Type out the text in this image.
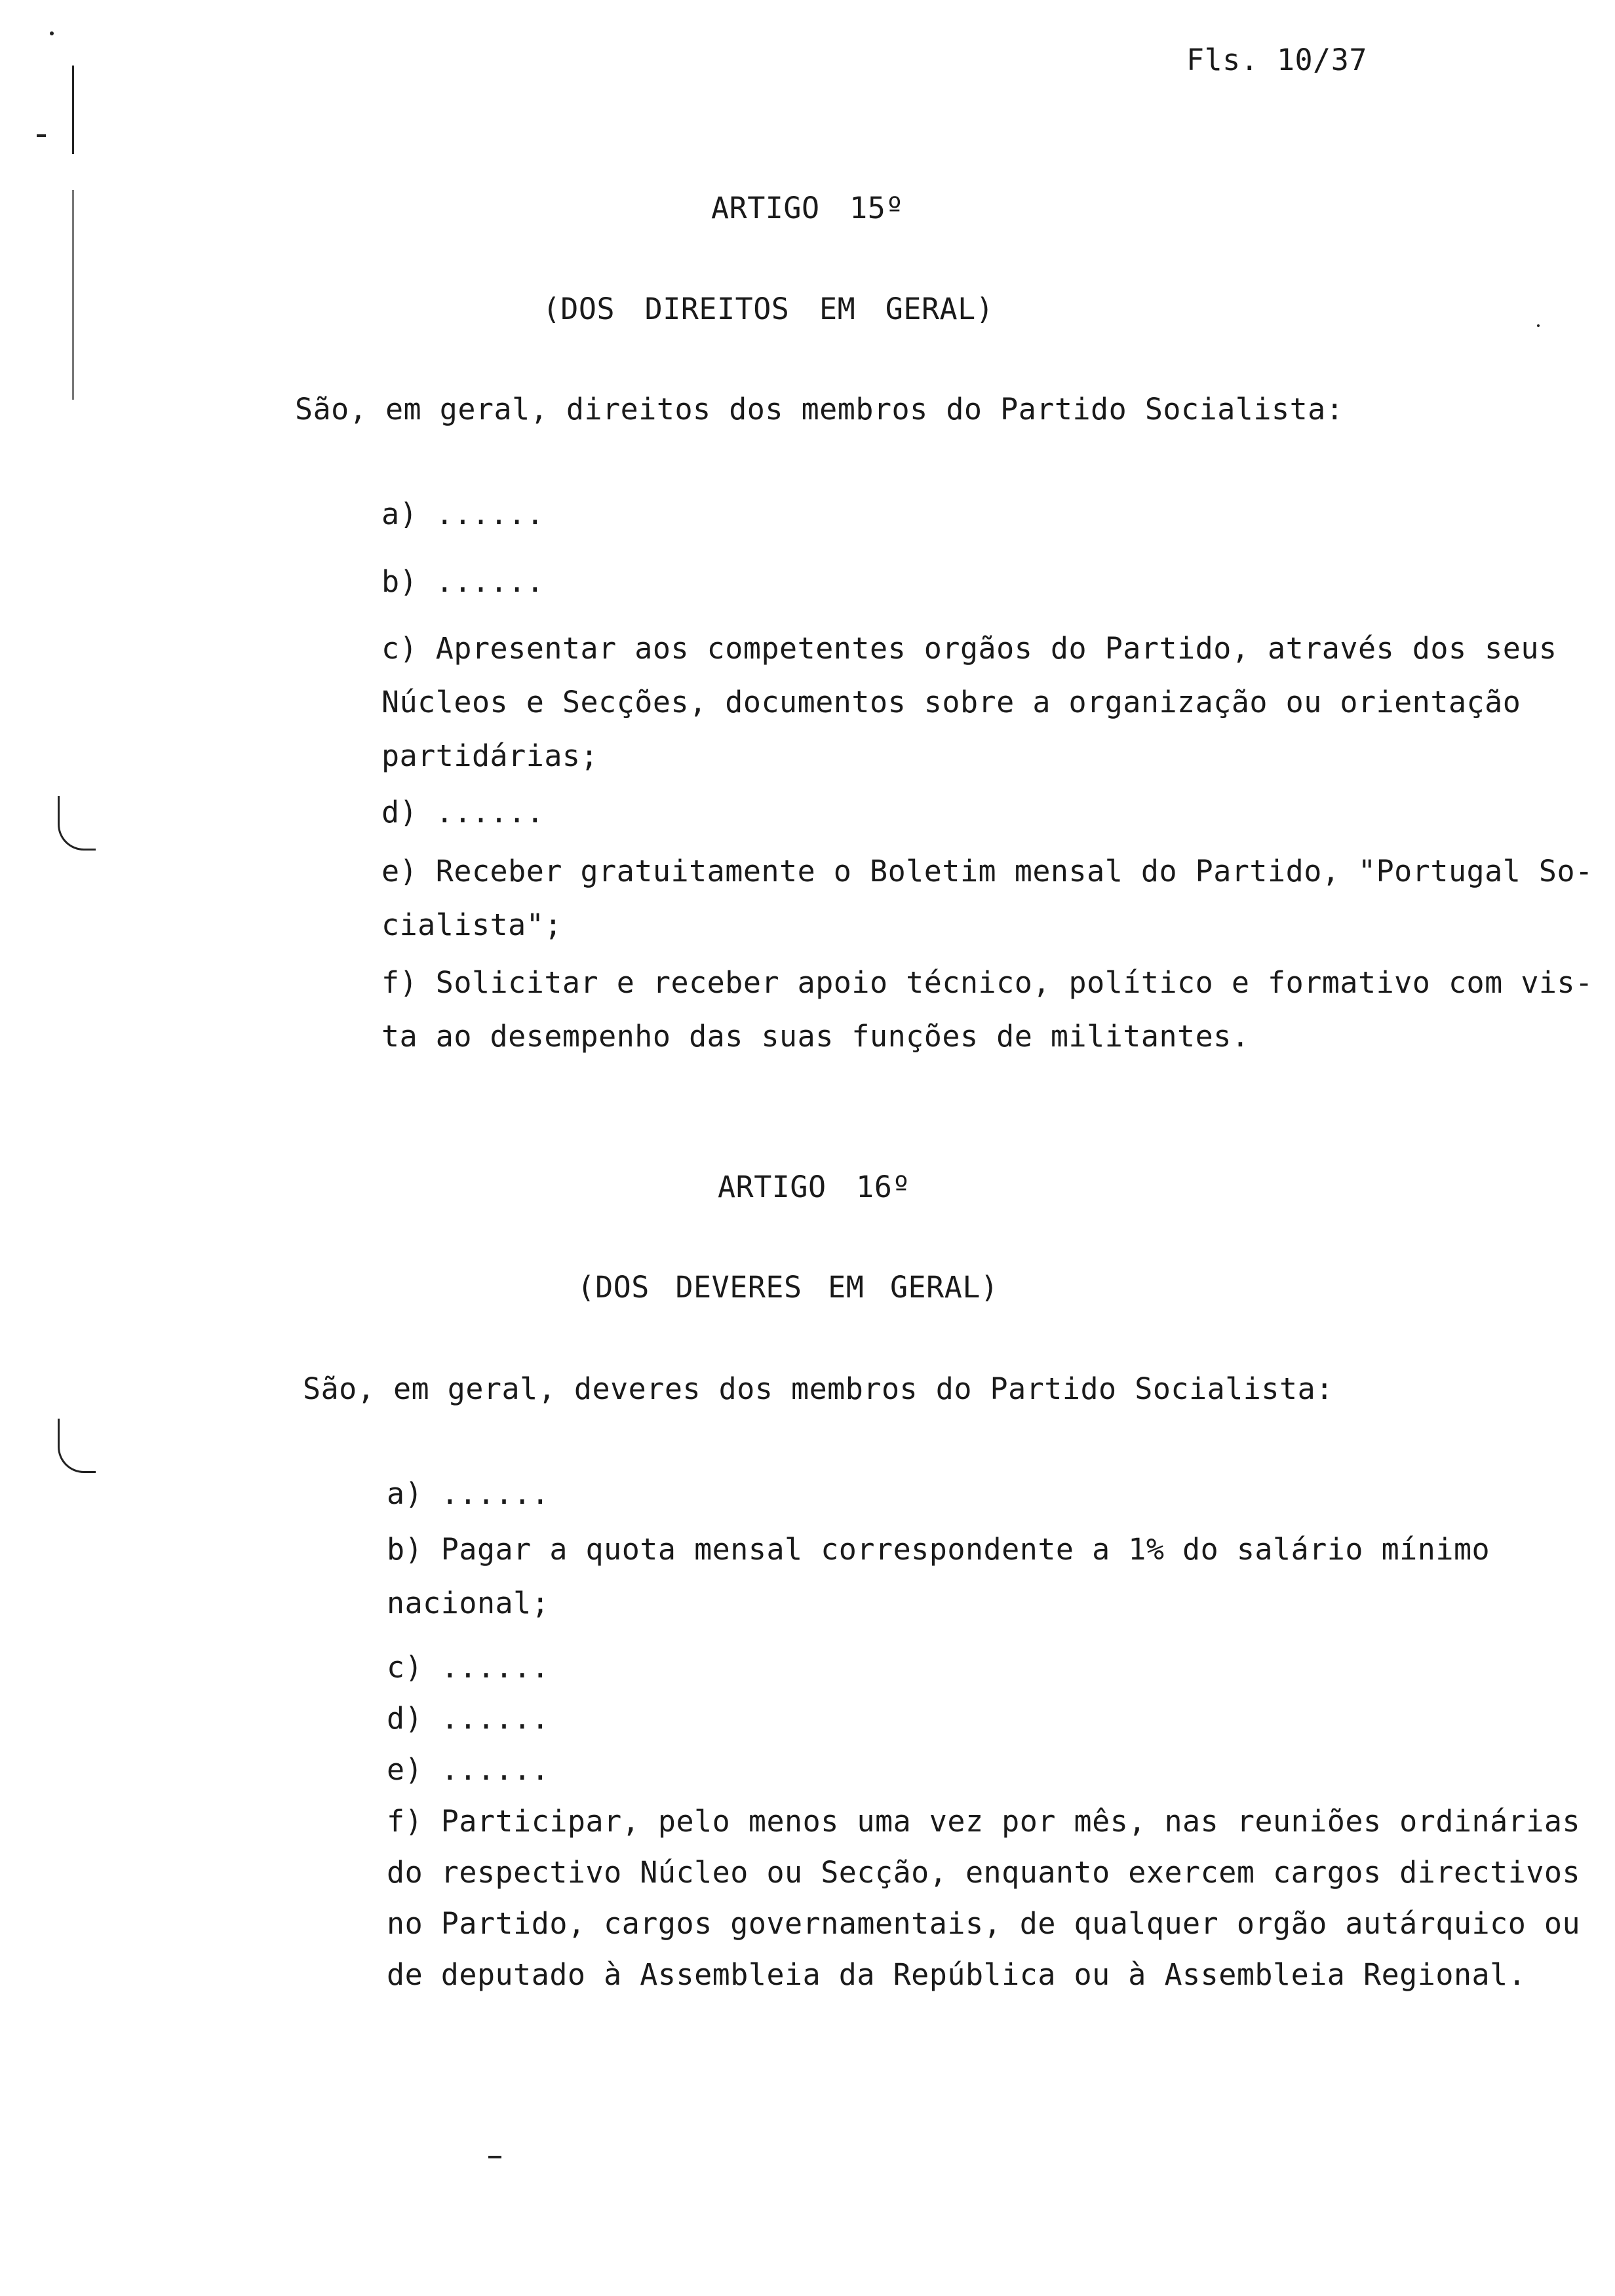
Fls. 10/37
ARTIGO 15º
(DOS DIREITOS EM GERAL)
São, em geral, direitos dos membros do Partido Socialista:
a) ......
b) ......
c) Apresentar aos competentes orgãos do Partido, através dos seus
Núcleos e Secções, documentos sobre a organização ou orientação
partidárias;
d) ......
e) Receber gratuitamente o Boletim mensal do Partido, "Portugal So-
cialista";
f) Solicitar e receber apoio técnico, político e formativo com vis-
ta ao desempenho das suas funções de militantes.
ARTIGO 16º
(DOS DEVERES EM GERAL)
São, em geral, deveres dos membros do Partido Socialista:
a) ......
b) Pagar a quota mensal correspondente a 1% do salário mínimo
nacional;
c) ......
d) ......
e) ......
f) Participar, pelo menos uma vez por mês, nas reuniões ordinárias
do respectivo Núcleo ou Secção, enquanto exercem cargos directivos
no Partido, cargos governamentais, de qualquer orgão autárquico ou
de deputado à Assembleia da República ou à Assembleia Regional.
